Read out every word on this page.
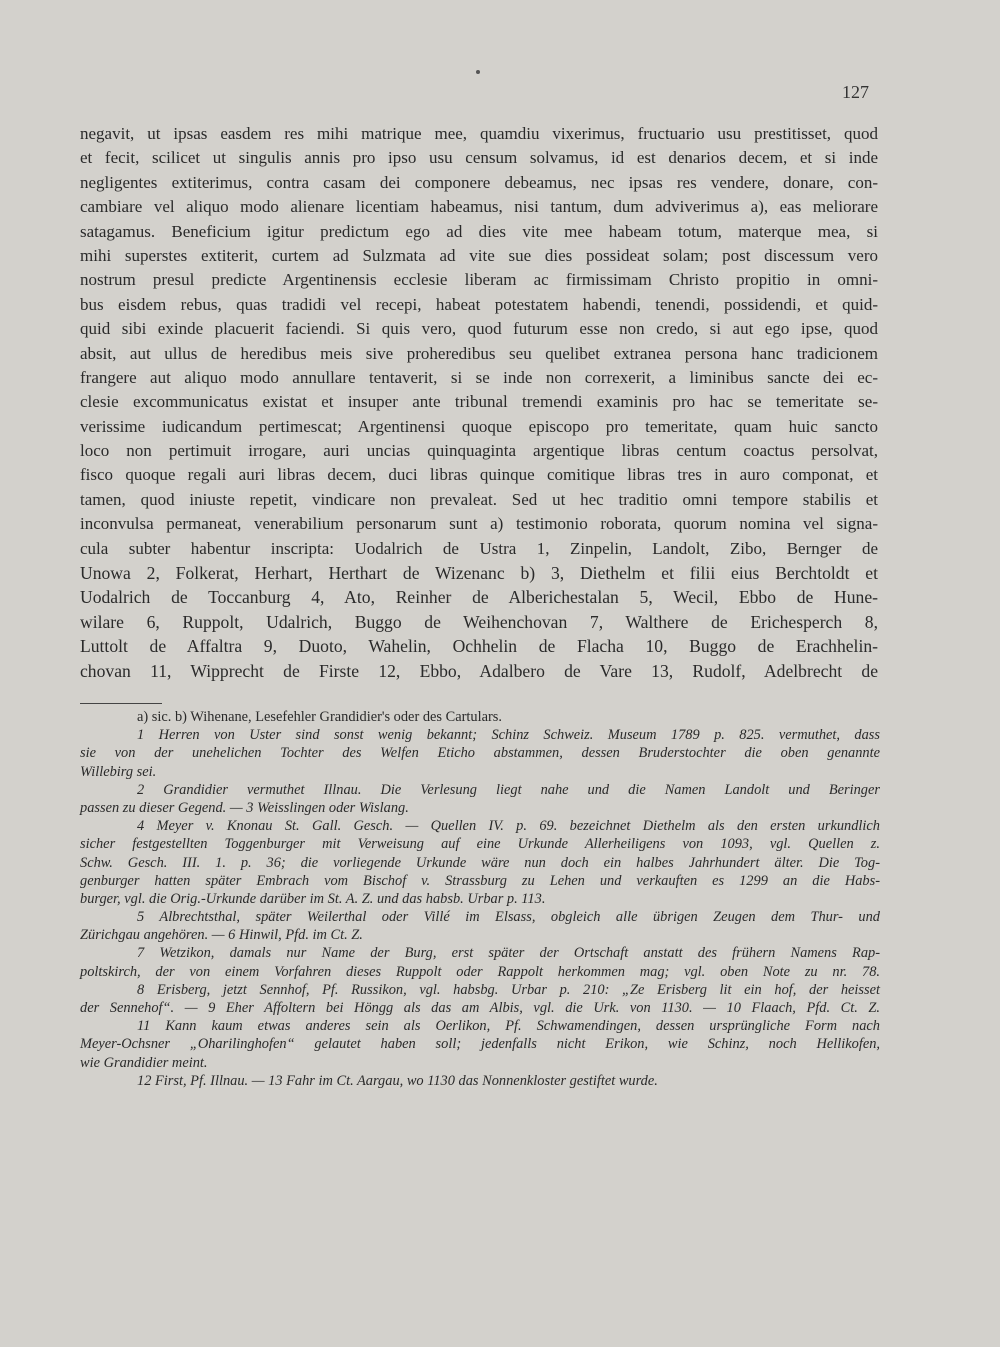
127
negavit, ut ipsas easdem res mihi matrique mee, quamdiu vixerimus, fructuario usu prestitisset, quod
et fecit, scilicet ut singulis annis pro ipso usu censum solvamus, id est denarios decem, et si inde
negligentes extiterimus, contra casam dei componere debeamus, nec ipsas res vendere, donare, con-
cambiare vel aliquo modo alienare licentiam habeamus, nisi tantum, dum adviverimus a), eas meliorare
satagamus. Beneficium igitur predictum ego ad dies vite mee habeam totum, materque mea, si
mihi superstes extiterit, curtem ad Sulzmata ad vite sue dies possideat solam; post discessum vero
nostrum presul predicte Argentinensis ecclesie liberam ac firmissimam Christo propitio in omni-
bus eisdem rebus, quas tradidi vel recepi, habeat potestatem habendi, tenendi, possidendi, et quid-
quid sibi exinde placuerit faciendi. Si quis vero, quod futurum esse non credo, si aut ego ipse, quod
absit, aut ullus de heredibus meis sive proheredibus seu quelibet extranea persona hanc tradicionem
frangere aut aliquo modo annullare tentaverit, si se inde non correxerit, a liminibus sancte dei ec-
clesie excommunicatus existat et insuper ante tribunal tremendi examinis pro hac se temeritate se-
verissime iudicandum pertimescat; Argentinensi quoque episcopo pro temeritate, quam huic sancto
loco non pertimuit irrogare, auri uncias quinquaginta argentique libras centum coactus persolvat,
fisco quoque regali auri libras decem, duci libras quinque comitique libras tres in auro componat, et
tamen, quod iniuste repetit, vindicare non prevaleat. Sed ut hec traditio omni tempore stabilis et
inconvulsa permaneat, venerabilium personarum sunt a) testimonio roborata, quorum nomina vel signa-
cula subter habentur inscripta: Uodalrich de Ustra 1, Zinpelin, Landolt, Zibo, Bernger de
Unowa 2, Folkerat, Herhart, Herthart de Wizenanc b) 3, Diethelm et filii eius Berchtoldt et
Uodalrich de Toccanburg 4, Ato, Reinher de Alberichestalan 5, Wecil, Ebbo de Hune-
wilare 6, Ruppolt, Udalrich, Buggo de Weihenchovan 7, Walthere de Erichesperch 8,
Luttolt de Affaltra 9, Duoto, Wahelin, Ochhelin de Flacha 10, Buggo de Erachhelin-
chovan 11, Wipprecht de Firste 12, Ebbo, Adalbero de Vare 13, Rudolf, Adelbrecht de
a) sic. b) Wihenane, Lesefehler Grandidier's oder des Cartulars.
1 Herren von Uster sind sonst wenig bekannt; Schinz Schweiz. Museum 1789 p. 825. vermuthet, dass
sie von der unehelichen Tochter des Welfen Eticho abstammen, dessen Bruderstochter die oben genannte
Willebirg sei.
2 Grandidier vermuthet Illnau. Die Verlesung liegt nahe und die Namen Landolt und Beringer
passen zu dieser Gegend. — 3 Weisslingen oder Wislang.
4 Meyer v. Knonau St. Gall. Gesch. — Quellen IV. p. 69. bezeichnet Diethelm als den ersten urkundlich
sicher festgestellten Toggenburger mit Verweisung auf eine Urkunde Allerheiligens von 1093, vgl. Quellen z.
Schw. Gesch. III. 1. p. 36; die vorliegende Urkunde wäre nun doch ein halbes Jahrhundert älter. Die Tog-
genburger hatten später Embrach vom Bischof v. Strassburg zu Lehen und verkauften es 1299 an die Habs-
burger, vgl. die Orig.-Urkunde darüber im St. A. Z. und das habsb. Urbar p. 113.
5 Albrechtsthal, später Weilerthal oder Villé im Elsass, obgleich alle übrigen Zeugen dem Thur- und
Zürichgau angehören. — 6 Hinwil, Pfd. im Ct. Z.
7 Wetzikon, damals nur Name der Burg, erst später der Ortschaft anstatt des frühern Namens Rap-
poltskirch, der von einem Vorfahren dieses Ruppolt oder Rappolt herkommen mag; vgl. oben Note zu nr. 78.
8 Erisberg, jetzt Sennhof, Pf. Russikon, vgl. habsbg. Urbar p. 210: „Ze Erisberg lit ein hof, der heisset
der Sennehof“. — 9 Eher Affoltern bei Höngg als das am Albis, vgl. die Urk. von 1130. — 10 Flaach, Pfd. Ct. Z.
11 Kann kaum etwas anderes sein als Oerlikon, Pf. Schwamendingen, dessen ursprüngliche Form nach
Meyer-Ochsner „Oharilinghofen“ gelautet haben soll; jedenfalls nicht Erikon, wie Schinz, noch Hellikofen,
wie Grandidier meint.
12 First, Pf. Illnau. — 13 Fahr im Ct. Aargau, wo 1130 das Nonnenkloster gestiftet wurde.
